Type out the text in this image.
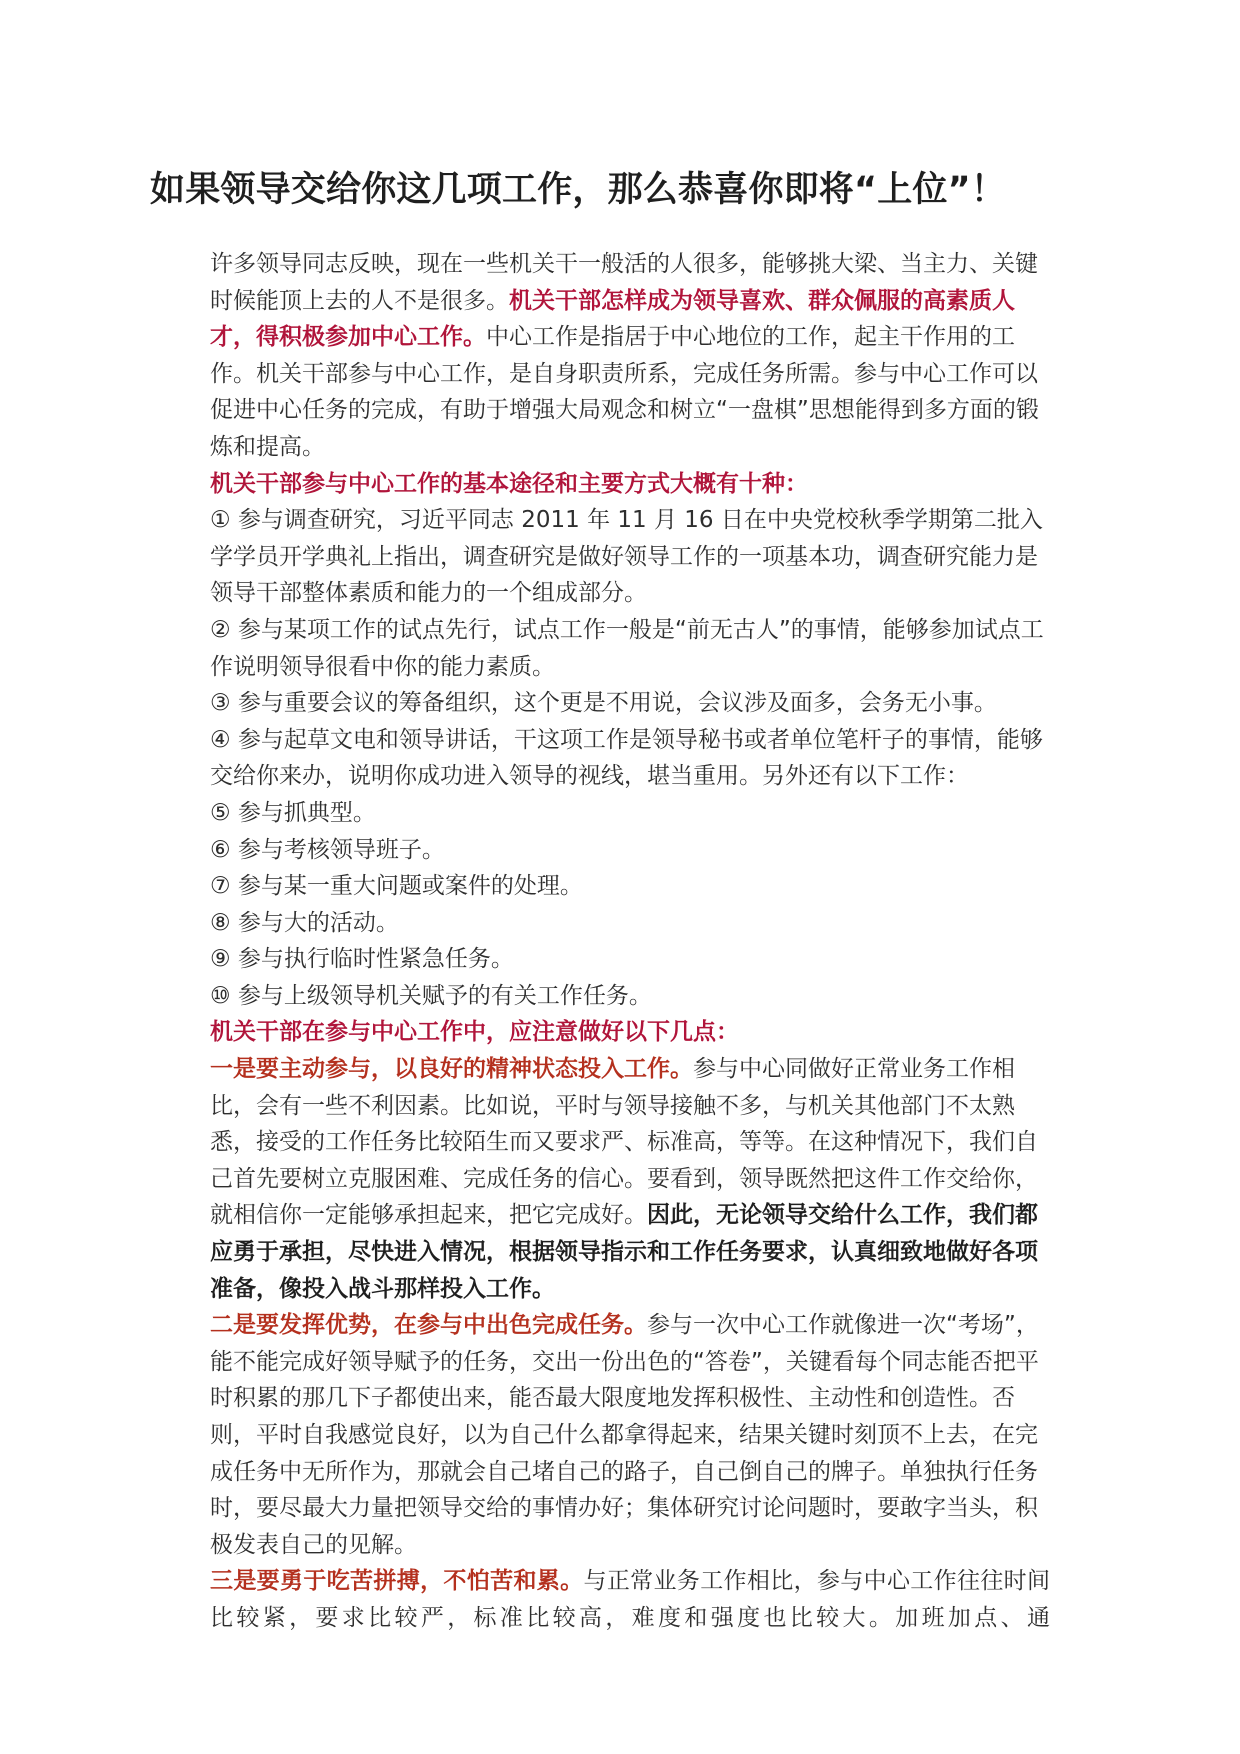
如果领导交给你这几项工作，那么恭喜你即将“上位”！

许多领导同志反映，现在一些机关干一般活的人很多，能够挑大梁、当主力、关键时候能顶上去的人不是很多。机关干部怎样成为领导喜欢、群众佩服的高素质人才，得积极参加中心工作。中心工作是指居于中心地位的工作，起主干作用的工作。机关干部参与中心工作，是自身职责所系，完成任务所需。参与中心工作可以促进中心任务的完成，有助于增强大局观念和树立“一盘棋”思想能得到多方面的锻炼和提高。

机关干部参与中心工作的基本途径和主要方式大概有十种：

① 参与调查研究，习近平同志 2011 年 11 月 16 日在中央党校秋季学期第二批入学学员开学典礼上指出，调查研究是做好领导工作的一项基本功，调查研究能力是领导干部整体素质和能力的一个组成部分。

② 参与某项工作的试点先行，试点工作一般是“前无古人”的事情，能够参加试点工作说明领导很看中你的能力素质。

③ 参与重要会议的筹备组织，这个更是不用说，会议涉及面多，会务无小事。

④ 参与起草文电和领导讲话，干这项工作是领导秘书或者单位笔杆子的事情，能够交给你来办，说明你成功进入领导的视线，堪当重用。另外还有以下工作：

⑤ 参与抓典型。

⑥ 参与考核领导班子。

⑦ 参与某一重大问题或案件的处理。

⑧ 参与大的活动。

⑨ 参与执行临时性紧急任务。

⑩ 参与上级领导机关赋予的有关工作任务。

机关干部在参与中心工作中，应注意做好以下几点：

一是要主动参与，以良好的精神状态投入工作。参与中心同做好正常业务工作相比，会有一些不利因素。比如说，平时与领导接触不多，与机关其他部门不太熟悉，接受的工作任务比较陌生而又要求严、标准高，等等。在这种情况下，我们自己首先要树立克服困难、完成任务的信心。要看到，领导既然把这件工作交给你，就相信你一定能够承担起来，把它完成好。因此，无论领导交给什么工作，我们都应勇于承担，尽快进入情况，根据领导指示和工作任务要求，认真细致地做好各项准备，像投入战斗那样投入工作。

二是要发挥优势，在参与中出色完成任务。参与一次中心工作就像进一次“考场”，能不能完成好领导赋予的任务，交出一份出色的“答卷”，关键看每个同志能否把平时积累的那几下子都使出来，能否最大限度地发挥积极性、主动性和创造性。否则，平时自我感觉良好，以为自己什么都拿得起来，结果关键时刻顶不上去，在完成任务中无所作为，那就会自己堵自己的路子，自己倒自己的牌子。单独执行任务时，要尽最大力量把领导交给的事情办好；集体研究讨论问题时，要敢字当头，积极发表自己的见解。

三是要勇于吃苦拼搏，不怕苦和累。与正常业务工作相比，参与中心工作往往时间比较紧，要求比较严，标准比较高，难度和强度也比较大。加班加点、通
